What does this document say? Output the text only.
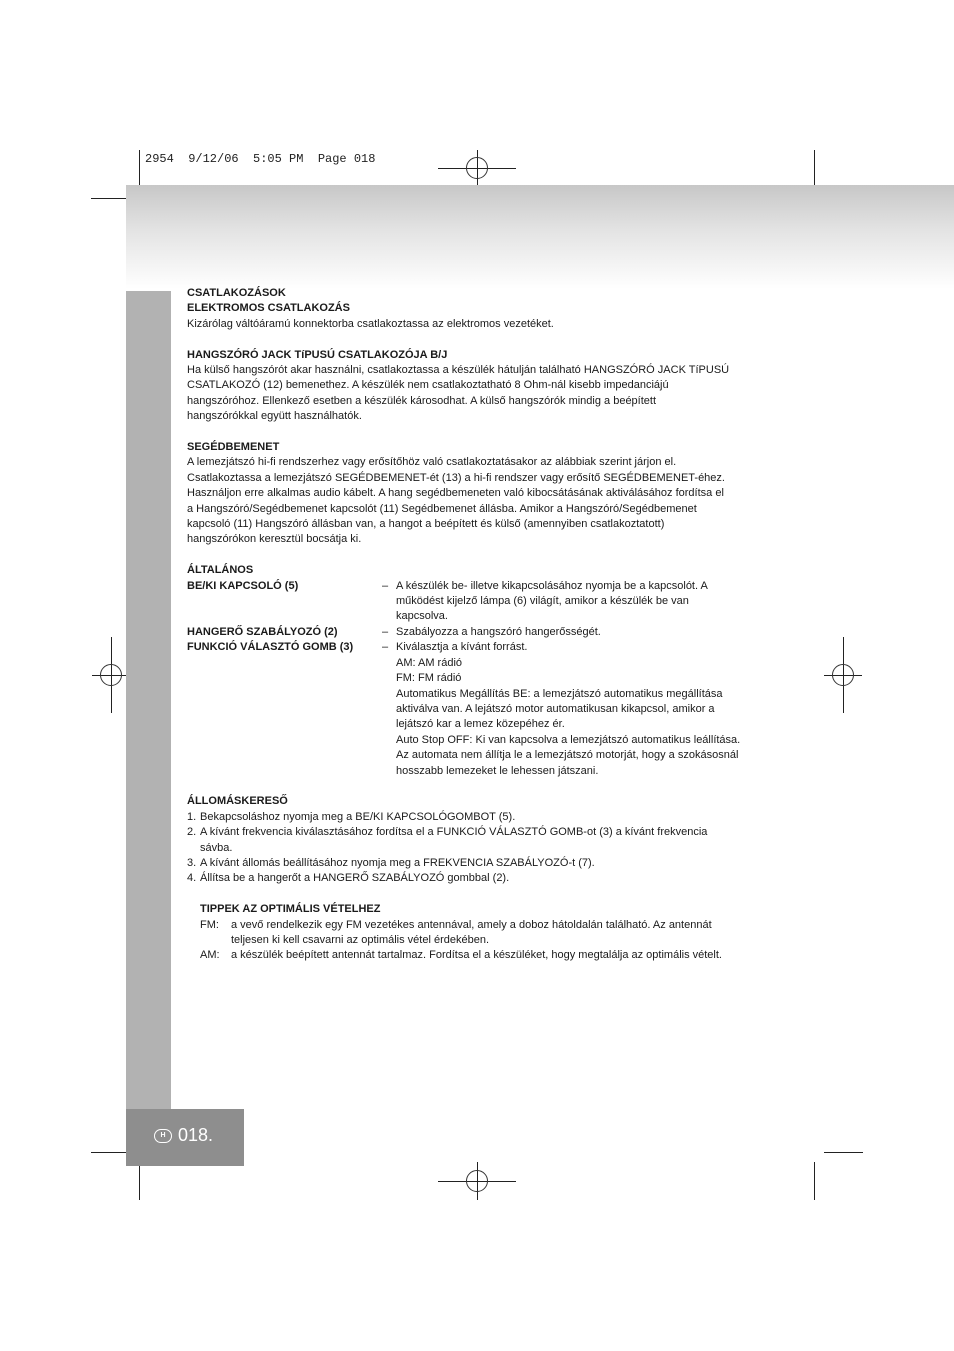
2954  9/12/06  5:05 PM  Page 018
H 018.

CSATLAKOZÁSOK

ELEKTROMOS CSATLAKOZÁS

Kizárólag váltóáramú konnektorba csatlakoztassa az elektromos vezetéket.

HANGSZÓRÓ JACK TíPUSÚ CSATLAKOZÓJA B/J

Ha külső hangszórót akar használni, csatlakoztassa a készülék hátulján található HANGSZÓRÓ JACK TíPUSÚ

CSATLAKOZÓ (12) bemenethez. A készülék nem csatlakoztatható 8 Ohm-nál kisebb impedanciájú

hangszóróhoz. Ellenkező esetben a készülék károsodhat. A külső hangszórók mindig a beépített

hangszórókkal együtt használhatók.

SEGÉDBEMENET

A lemezjátszó hi-fi rendszerhez vagy erősítőhöz való csatlakoztatásakor az alábbiak szerint járjon el.

Csatlakoztassa a lemezjátszó SEGÉDBEMENET-ét (13) a hi-fi rendszer vagy erősítő SEGÉDBEMENET-éhez.

Használjon erre alkalmas audio kábelt. A hang segédbemeneten való kibocsátásának aktiválásához fordítsa el

a Hangszóró/Segédbemenet kapcsolót (11) Segédbemenet állásba. Amikor a Hangszóró/Segédbemenet

kapcsoló (11) Hangszóró állásban van, a hangot a beépített és külső (amennyiben csatlakoztatott)

hangszórókon keresztül bocsátja ki.

ÁLTALÁNOS

BE/KI KAPCSOLÓ (5)	– A készülék be- illetve kikapcsolásához nyomja be a kapcsolót. A

működést kijelző lámpa (6) világít, amikor a készülék be van

kapcsolva.

HANGERŐ SZABÁLYOZÓ (2)	– Szabályozza a hangszóró hangerősségét.

FUNKCIÓ VÁLASZTÓ GOMB (3)	– Kiválasztja a kívánt forrást.

AM: AM rádió

FM: FM rádió

Automatikus Megállítás BE: a lemezjátszó automatikus megállítása

aktiválva van. A lejátszó motor automatikusan kikapcsol, amikor a

lejátszó kar a lemez közepéhez ér.

Auto Stop OFF: Ki van kapcsolva a lemezjátszó automatikus leállítása.

Az automata nem állítja le a lemezjátszó motorját, hogy a szokásosnál

hosszabb lemezeket le lehessen játszani.

ÁLLOMÁSKERESŐ

1. Bekapcsoláshoz nyomja meg a BE/KI KAPCSOLÓGOMBOT (5).

2. A kívánt frekvencia kiválasztásához fordítsa el a FUNKCIÓ VÁLASZTÓ GOMB-ot (3) a kívánt frekvencia

sávba.

3. A kívánt állomás beállításához nyomja meg a FREKVENCIA SZABÁLYOZÓ-t (7).

4. Állítsa be a hangerőt a HANGERŐ SZABÁLYOZÓ gombbal (2).

TIPPEK AZ OPTIMÁLIS VÉTELHEZ

FM:	a vevő rendelkezik egy FM vezetékes antennával, amely a doboz hátoldalán található. Az antennát

teljesen ki kell csavarni az optimális vétel érdekében.

AM:	a készülék beépített antennát tartalmaz. Fordítsa el a készüléket, hogy megtalálja az optimális vételt.
